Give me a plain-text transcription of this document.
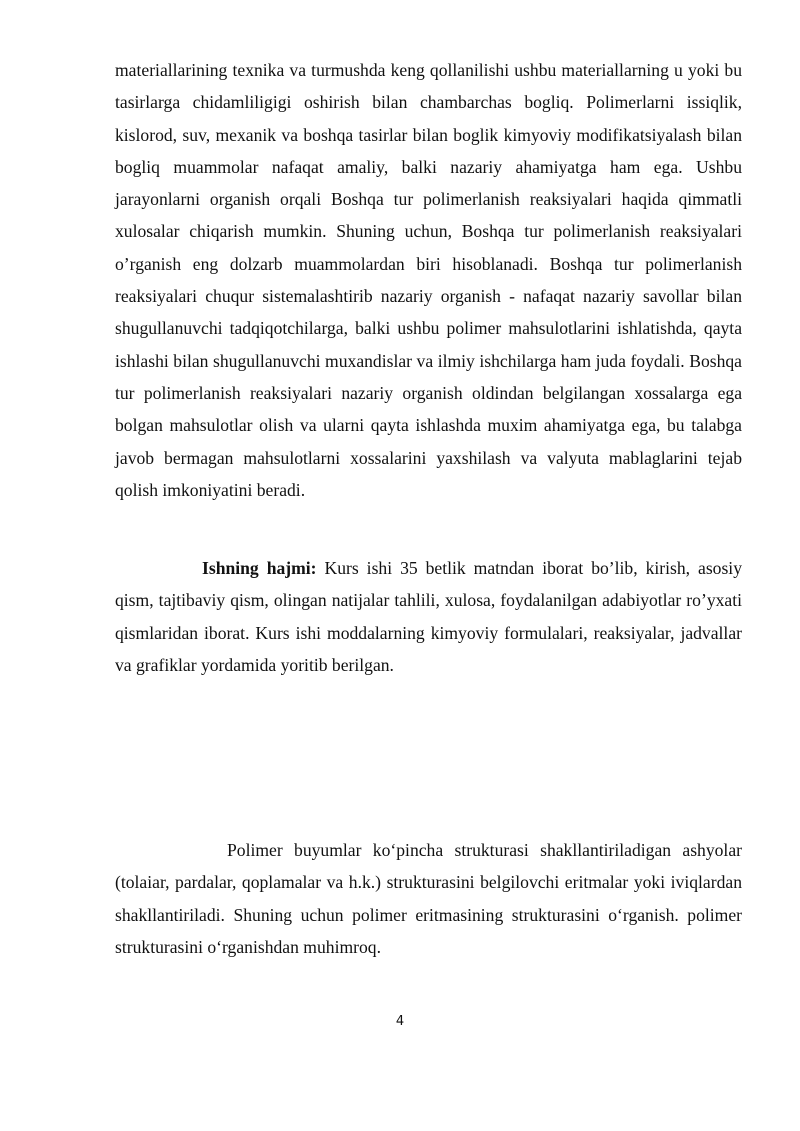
materiallarining texnika va turmushda keng qollanilishi ushbu materiallarning u yoki bu tasirlarga chidamliligigi oshirish bilan chambarchas bogliq. Polimerlarni issiqlik, kislorod, suv, mexanik va boshqa tasirlar bilan boglik kimyoviy modifikatsiyalash bilan bogliq muammolar nafaqat amaliy, balki nazariy ahamiyatga ham ega. Ushbu jarayonlarni organish orqali Boshqa tur polimerlanish reaksiyalari haqida qimmatli xulosalar chiqarish mumkin. Shuning uchun, Boshqa tur polimerlanish reaksiyalari o’rganish eng dolzarb muammolardan biri hisoblanadi. Boshqa tur polimerlanish reaksiyalari chuqur sistemalashtirib nazariy organish - nafaqat nazariy savollar bilan shugullanuvchi tadqiqotchilarga, balki ushbu polimer mahsulotlarini ishlatishda, qayta ishlashi bilan shugullanuvchi muxandislar va ilmiy ishchilarga ham juda foydali. Boshqa tur polimerlanish reaksiyalari nazariy organish oldindan belgilangan xossalarga ega bolgan mahsulotlar olish va ularni qayta ishlashda muxim ahamiyatga ega, bu talabga javob bermagan mahsulotlarni xossalarini yaxshilash va valyuta mablaglarini tejab qolish imkoniyatini beradi.

Ishning hajmi: Kurs ishi 35 betlik matndan iborat bo’lib, kirish, asosiy qism, tajtibaviy qism, olingan natijalar tahlili, xulosa, foydalanilgan adabiyotlar ro’yxati qismlaridan iborat. Kurs ishi moddalarning kimyoviy formulalari, reaksiyalar, jadvallar va grafiklar yordamida yoritib berilgan.

Polimer buyumlar ko‘pincha strukturasi shakllantiriladigan ashyolar (tolaiar, pardalar, qoplamalar va h.k.) strukturasini belgilovchi eritmalar yoki iviqlardan shakllantiriladi. Shuning uchun polimer eritmasining strukturasini o‘rganish. polimer strukturasini o‘rganishdan muhimroq.

4
